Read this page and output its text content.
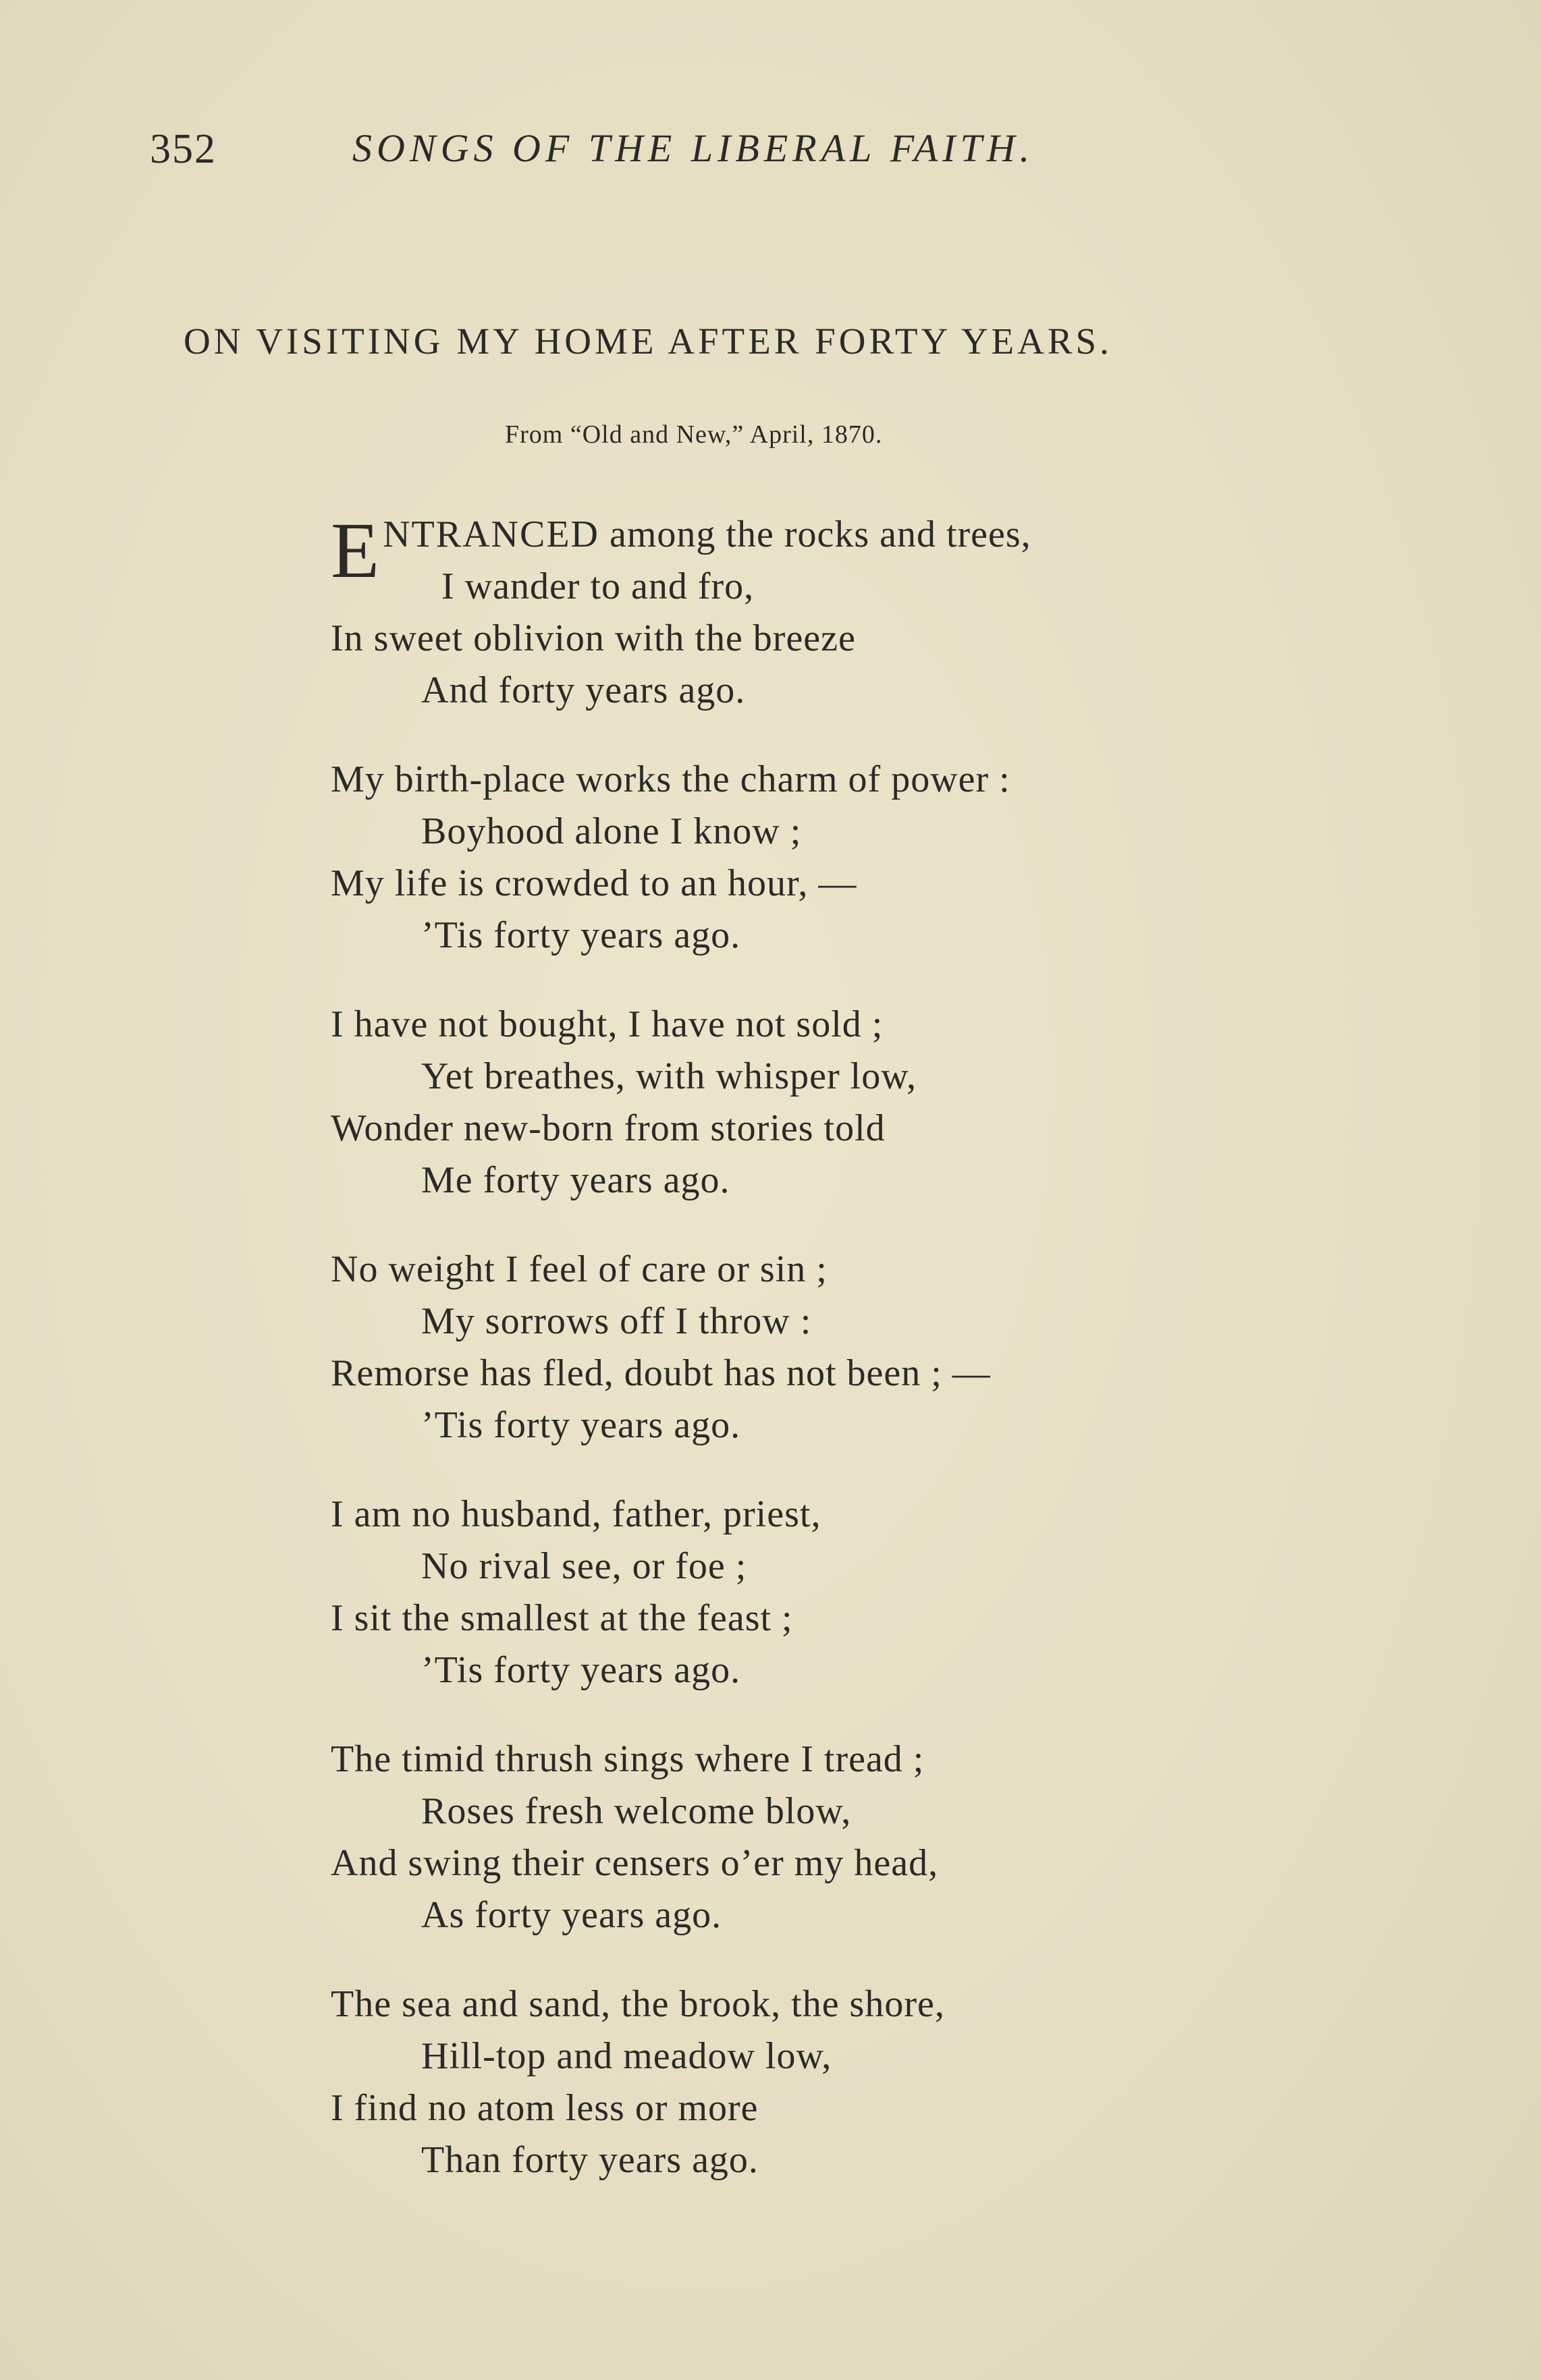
352	SONGS OF THE LIBERAL FAITH.
ON VISITING MY HOME AFTER FORTY YEARS.
From “Old and New,” April, 1870.
ENTRANCED among the rocks and trees,
I wander to and fro,
In sweet oblivion with the breeze
And forty years ago.
My birth-place works the charm of power :
Boyhood alone I know ;
My life is crowded to an hour, —
’Tis forty years ago.
I have not bought, I have not sold ;
Yet breathes, with whisper low,
Wonder new-born from stories told
Me forty years ago.
No weight I feel of care or sin ;
My sorrows off I throw :
Remorse has fled, doubt has not been ; —
’Tis forty years ago.
I am no husband, father, priest,
No rival see, or foe ;
I sit the smallest at the feast ;
’Tis forty years ago.
The timid thrush sings where I tread ;
Roses fresh welcome blow,
And swing their censers o’er my head,
As forty years ago.
The sea and sand, the brook, the shore,
Hill-top and meadow low,
I find no atom less or more
Than forty years ago.
